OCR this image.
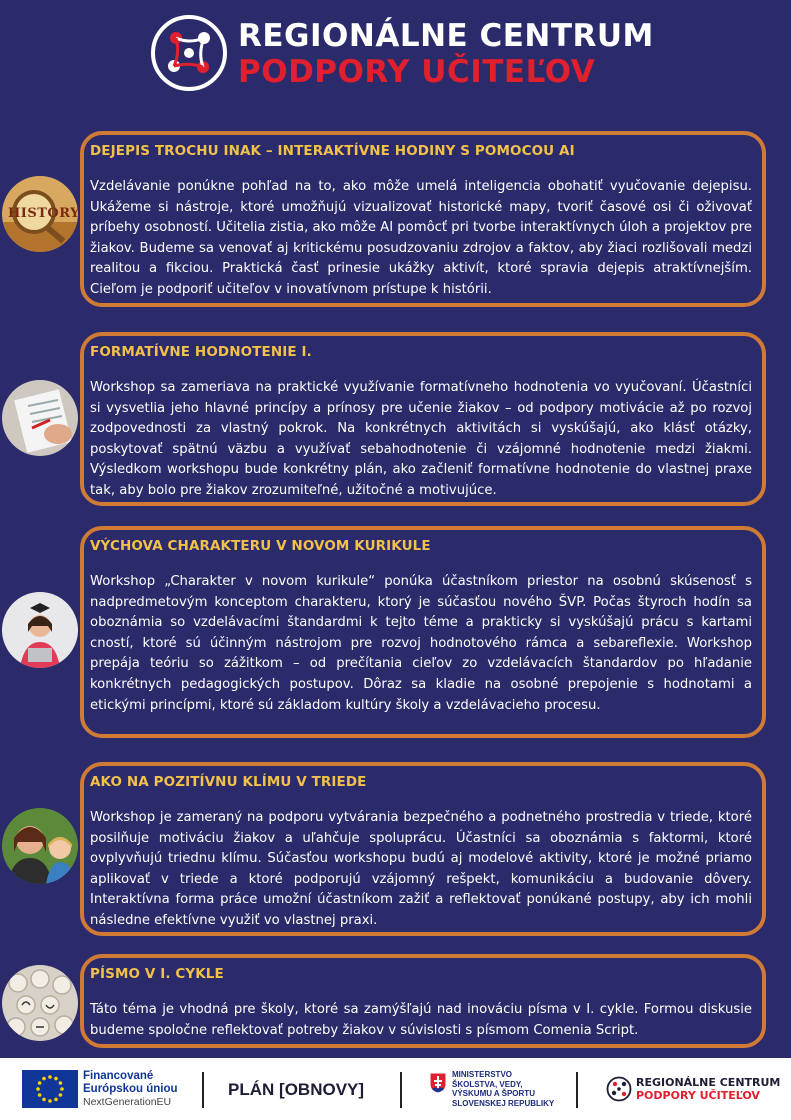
REGIONÁLNE CENTRUM
PODPORY UČITEĽOV
HISTORY
DEJEPIS TROCHU INAK – INTERAKTÍVNE HODINY S POMOCOU AI
Vzdelávanie ponúkne pohľad na to, ako môže umelá inteligencia obohatiť vyučovanie dejepisu. Ukážeme si nástroje, ktoré umožňujú vizualizovať historické mapy, tvoriť časové osi či oživovať príbehy osobností. Učitelia zistia, ako môže AI pomôcť pri tvorbe interaktívnych úloh a projektov pre žiakov. Budeme sa venovať aj kritickému posudzovaniu zdrojov a faktov, aby žiaci rozlišovali medzi realitou a fikciou. Praktická časť prinesie ukážky aktivít, ktoré spravia dejepis atraktívnejším. Cieľom je podporiť učiteľov v inovatívnom prístupe k histórii.
FORMATÍVNE HODNOTENIE I.
Workshop sa zameriava na praktické využívanie formatívneho hodnotenia vo vyučovaní. Účastníci si vysvetlia jeho hlavné princípy a prínosy pre učenie žiakov – od podpory motivácie až po rozvoj zodpovednosti za vlastný pokrok. Na konkrétnych aktivitách si vyskúšajú, ako klásť otázky, poskytovať spätnú väzbu a využívať sebahodnotenie či vzájomné hodnotenie medzi žiakmi. Výsledkom workshopu bude konkrétny plán, ako začleniť formatívne hodnotenie do vlastnej praxe tak, aby bolo pre žiakov zrozumiteľné, užitočné a motivujúce.
VÝCHOVA CHARAKTERU V NOVOM KURIKULE
Workshop „Charakter v novom kurikule“ ponúka účastníkom priestor na osobnú skúsenosť s nadpredmetovým konceptom charakteru, ktorý je súčasťou nového ŠVP. Počas štyroch hodín sa oboznámia so vzdelávacími štandardmi k tejto téme a prakticky si vyskúšajú prácu s kartami cností, ktoré sú účinným nástrojom pre rozvoj hodnotového rámca a sebareflexie. Workshop prepája teóriu so zážitkom – od prečítania cieľov zo vzdelávacích štandardov po hľadanie konkrétnych pedagogických postupov. Dôraz sa kladie na osobné prepojenie s hodnotami a etickými princípmi, ktoré sú základom kultúry školy a vzdelávacieho procesu.
AKO NA POZITÍVNU KLÍMU V TRIEDE
Workshop je zameraný na podporu vytvárania bezpečného a podnetného prostredia v triede, ktoré posilňuje motiváciu žiakov a uľahčuje spoluprácu. Účastníci sa oboznámia s faktormi, ktoré ovplyvňujú triednu klímu. Súčasťou workshopu budú aj modelové aktivity, ktoré je možné priamo aplikovať v triede a ktoré podporujú vzájomný rešpekt, komunikáciu a budovanie dôvery. Interaktívna forma práce umožní účastníkom zažiť a reflektovať ponúkané postupy, aby ich mohli následne efektívne využiť vo vlastnej praxi.
PÍSMO V I. CYKLE
Táto téma je vhodná pre školy, ktoré sa zamýšľajú nad inováciu písma v I. cykle. Formou diskusie budeme spoločne reflektovať potreby žiakov v súvislosti s písmom Comenia Script.
Financované
Európskou úniou
NextGenerationEU
PLÁN [OBNOVY]
MINISTERSTVO
ŠKOLSTVA, VEDY,
VÝSKUMU A ŠPORTU
SLOVENSKEJ REPUBLIKY
REGIONÁLNE CENTRUM
PODPORY UČITEĽOV
